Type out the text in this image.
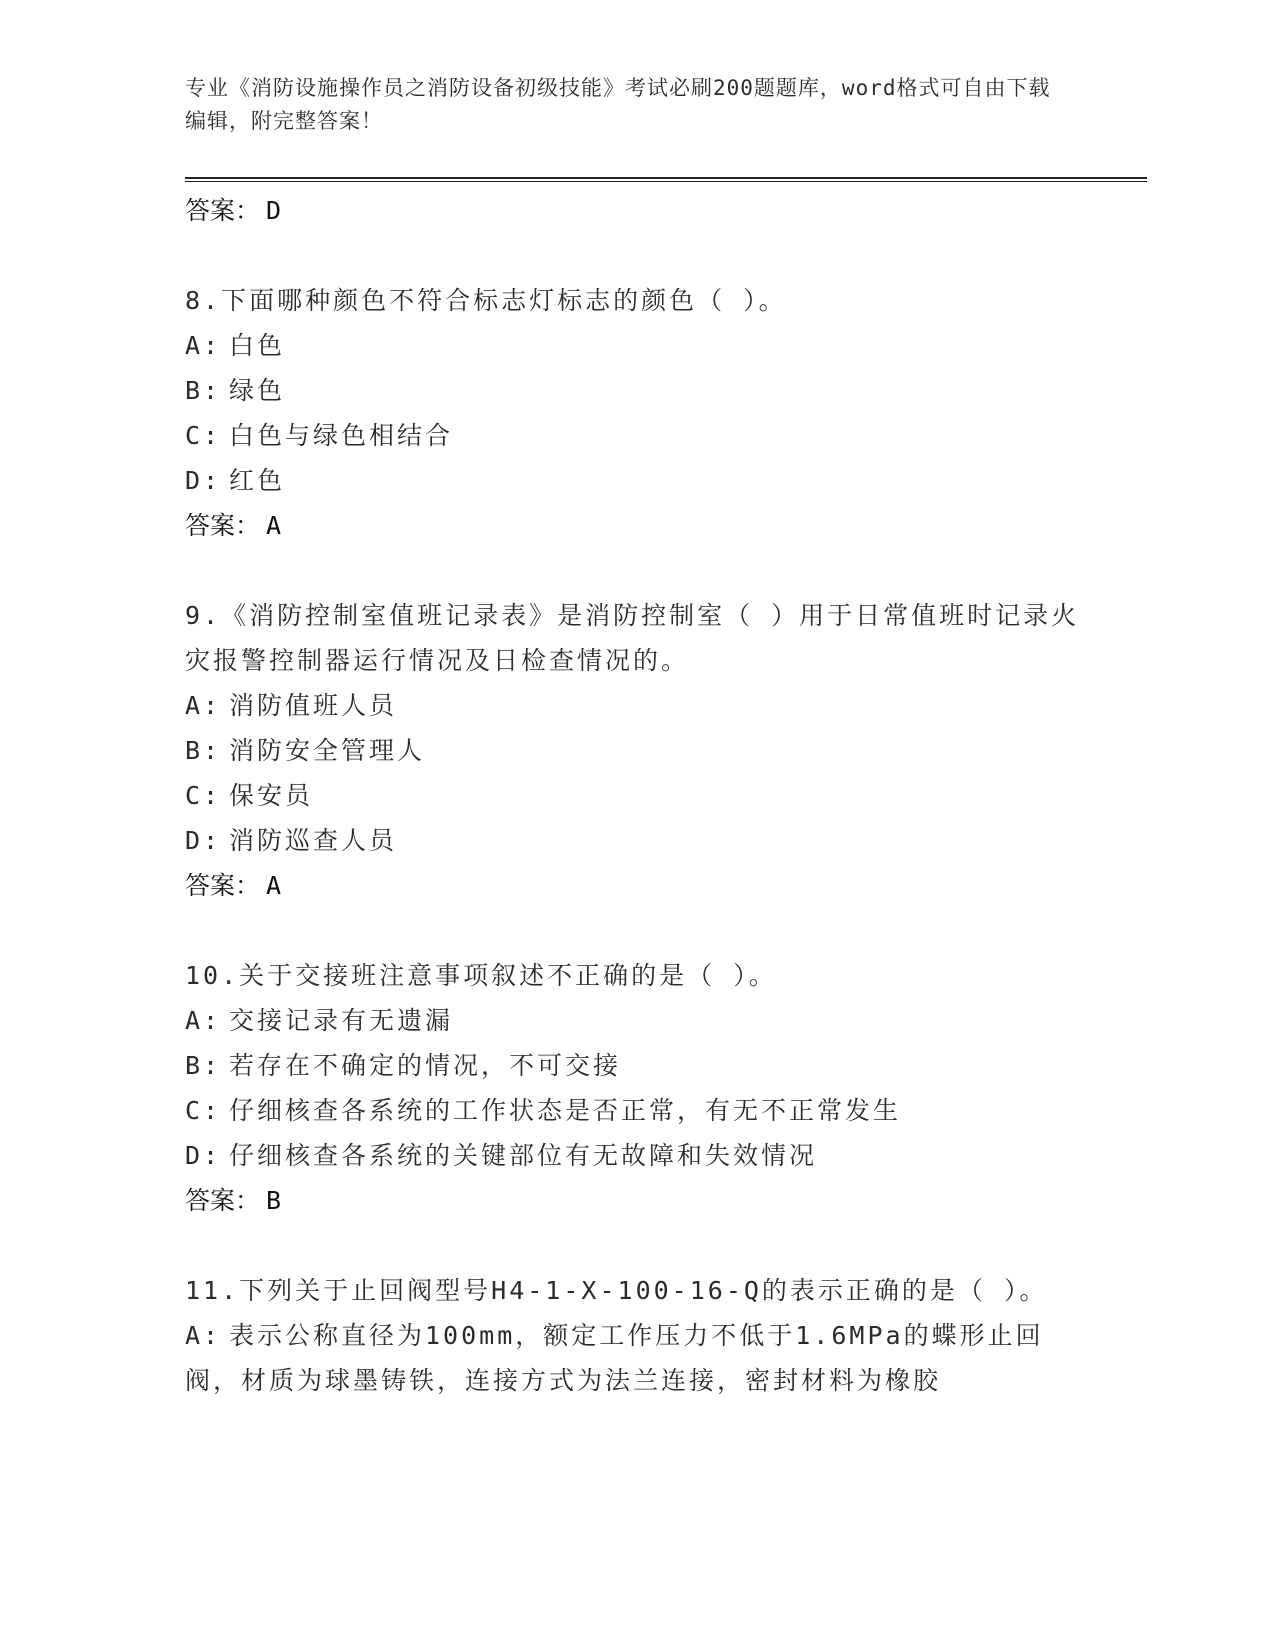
专业《消防设施操作员之消防设备初级技能》考试必刷200题题库，word格式可自由下载编辑，附完整答案！
答案： D
8.下面哪种颜色不符合标志灯标志的颜色（ ）。
A: 白色
B: 绿色
C: 白色与绿色相结合
D: 红色
答案： A
9.《消防控制室值班记录表》是消防控制室（ ）用于日常值班时记录火灾报警控制器运行情况及日检查情况的。
A: 消防值班人员
B: 消防安全管理人
C: 保安员
D: 消防巡查人员
答案： A
10.关于交接班注意事项叙述不正确的是（ ）。
A: 交接记录有无遗漏
B: 若存在不确定的情况，不可交接
C: 仔细核查各系统的工作状态是否正常，有无不正常发生
D: 仔细核查各系统的关键部位有无故障和失效情况
答案： B
11.下列关于止回阀型号H4-1-X-100-16-Q的表示正确的是（ ）。
A: 表示公称直径为100mm，额定工作压力不低于1.6MPa的蝶形止回阀，材质为球墨铸铁，连接方式为法兰连接，密封材料为橡胶
